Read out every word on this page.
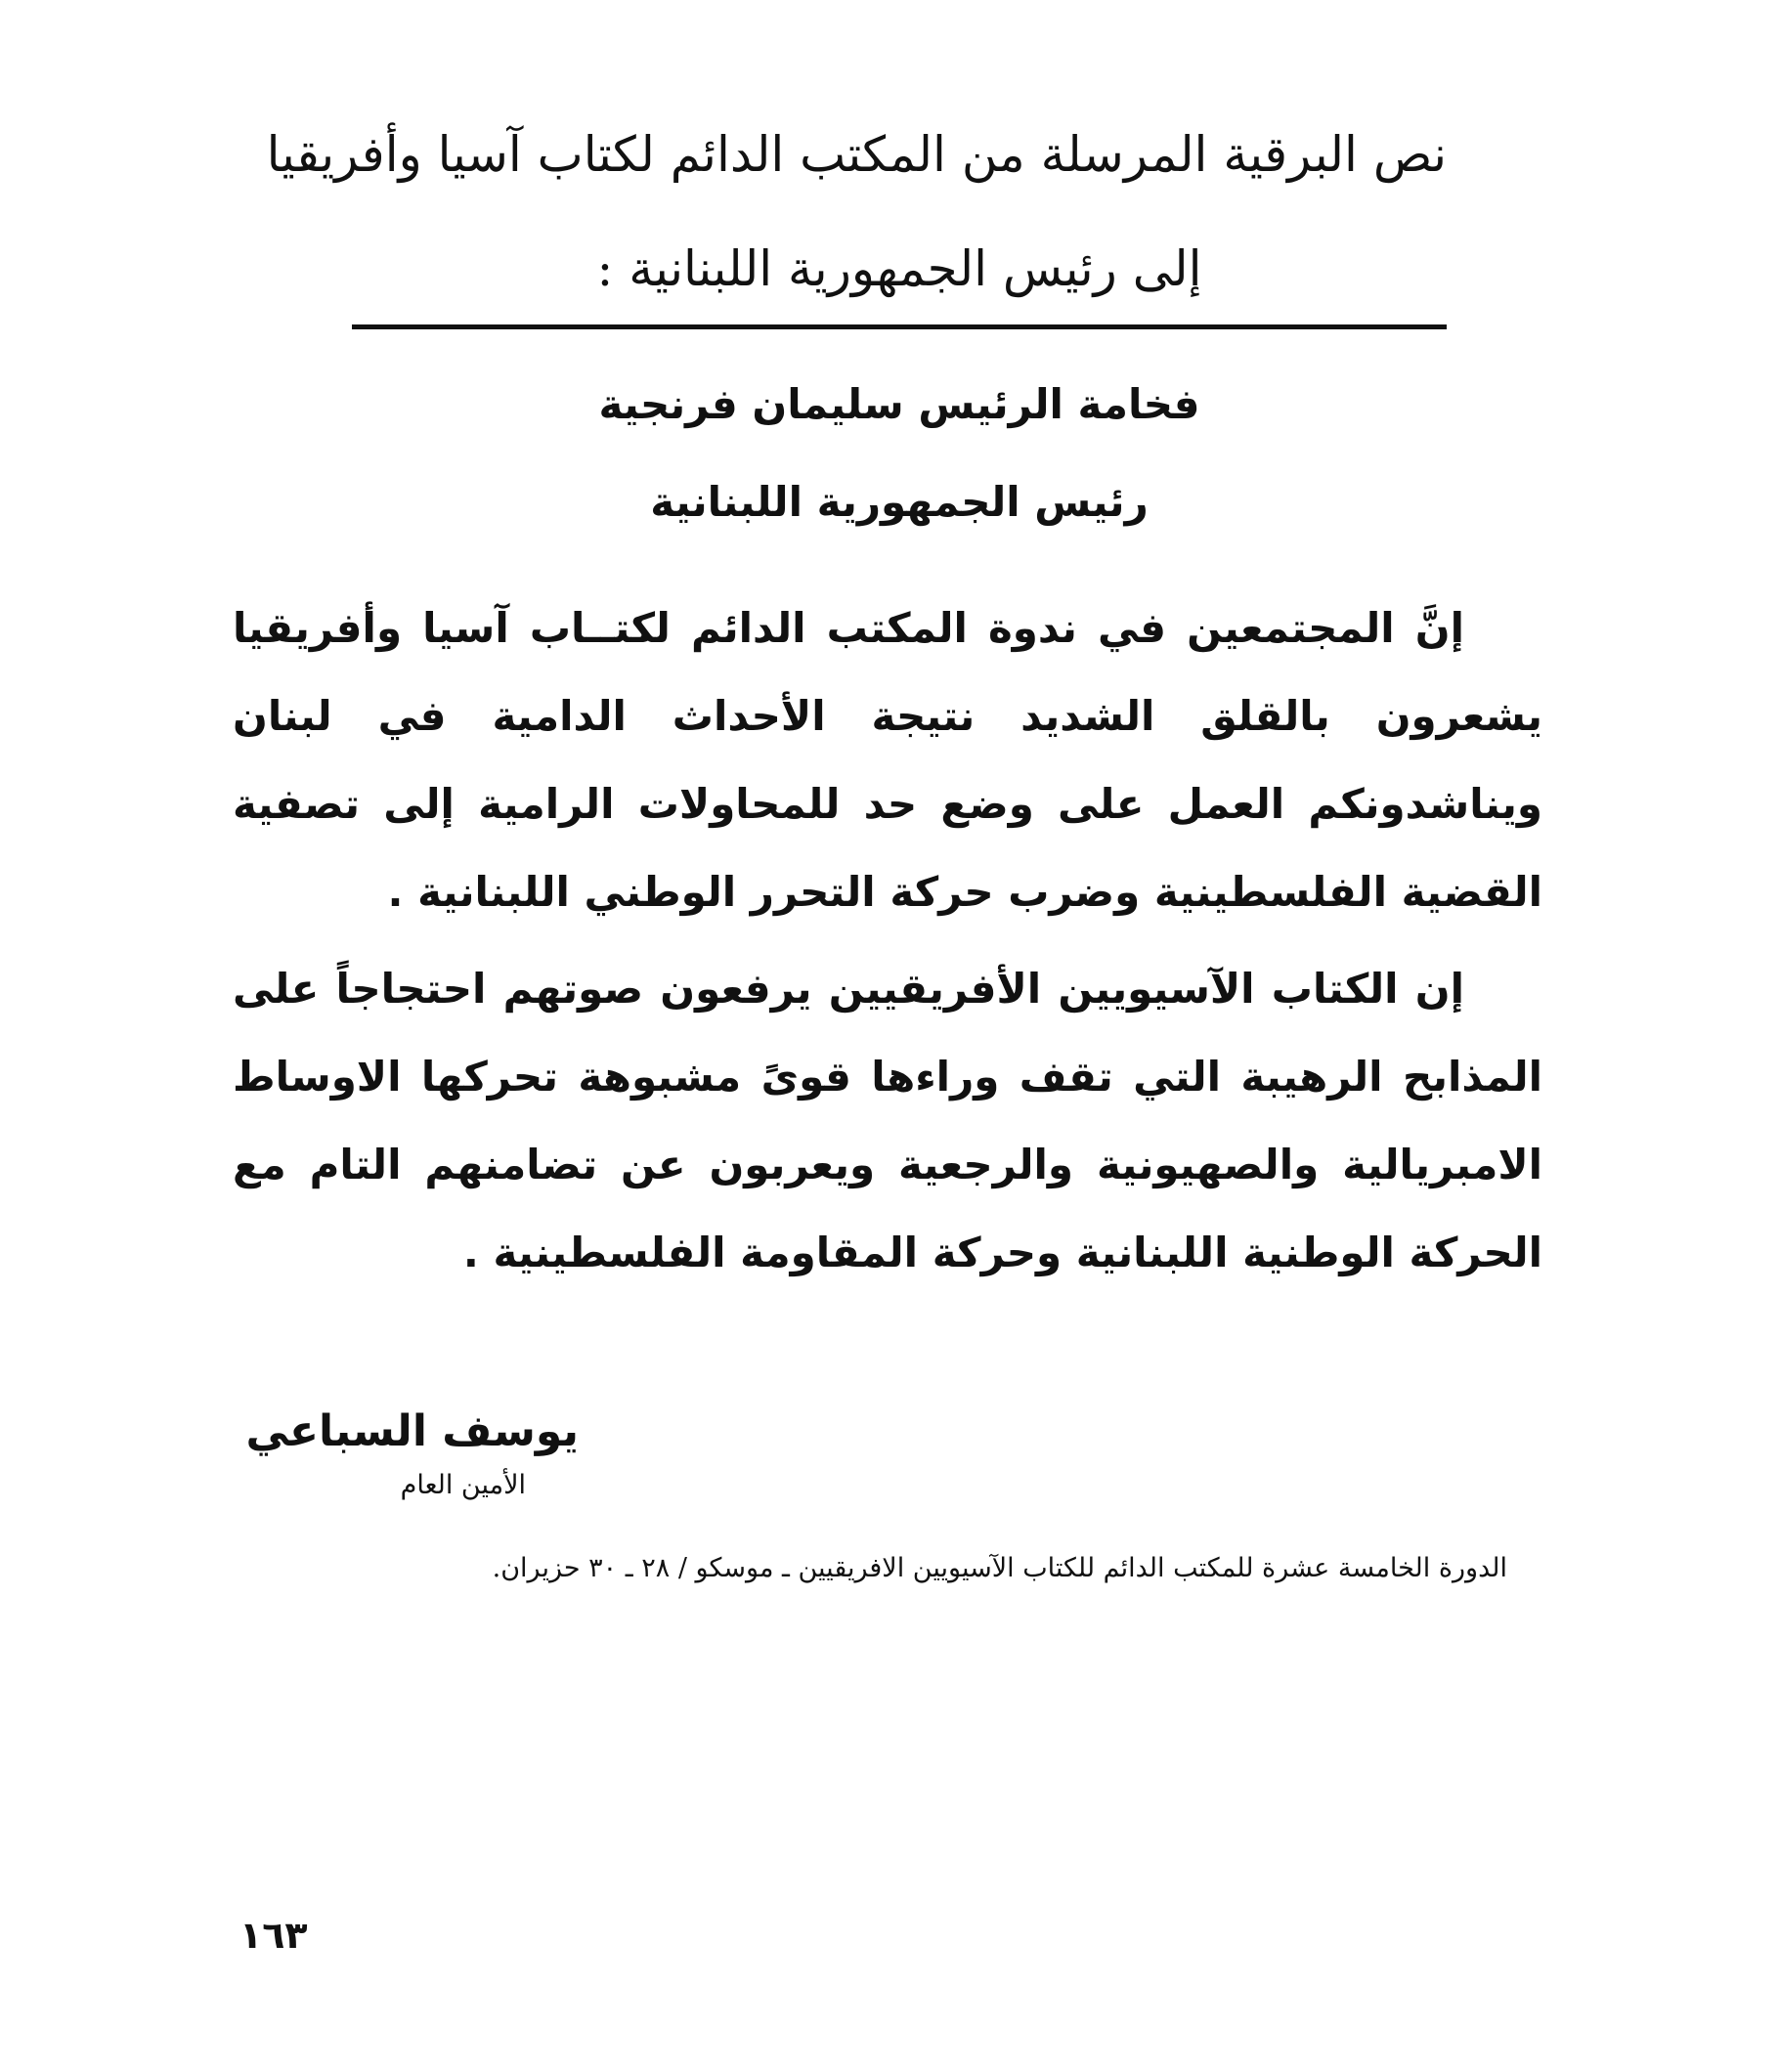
نص البرقية المرسلة من المكتب الدائم لكتاب آسيا وأفريقيا
إلى رئيس الجمهورية اللبنانية :
فخامة الرئيس سليمان فرنجية
رئيس الجمهورية اللبنانية

إنَّ المجتمعين في ندوة المكتب الدائم لكتــاب آسيا وأفريقيا يشعرون بالقلق الشديد نتيجة الأحداث الدامية في لبنان ويناشدونكم العمل على وضع حد للمحاولات الرامية إلى تصفية القضية الفلسطينية وضرب حركة التحرر الوطني اللبنانية .

إن الكتاب الآسيويين الأفريقيين يرفعون صوتهم احتجاجاً على المذابح الرهيبة التي تقف وراءها قوىً مشبوهة تحركها الاوساط الامبريالية والصهيونية والرجعية ويعربون عن تضامنهم التام مع الحركة الوطنية اللبنانية وحركة المقاومة الفلسطينية .

يوسف السباعي
الأمين العام
الدورة الخامسة عشرة للمكتب الدائم للكتاب الآسيويين الافريقيين ـ موسكو / ٢٨ ـ ٣٠ حزيران.
١٦٣
